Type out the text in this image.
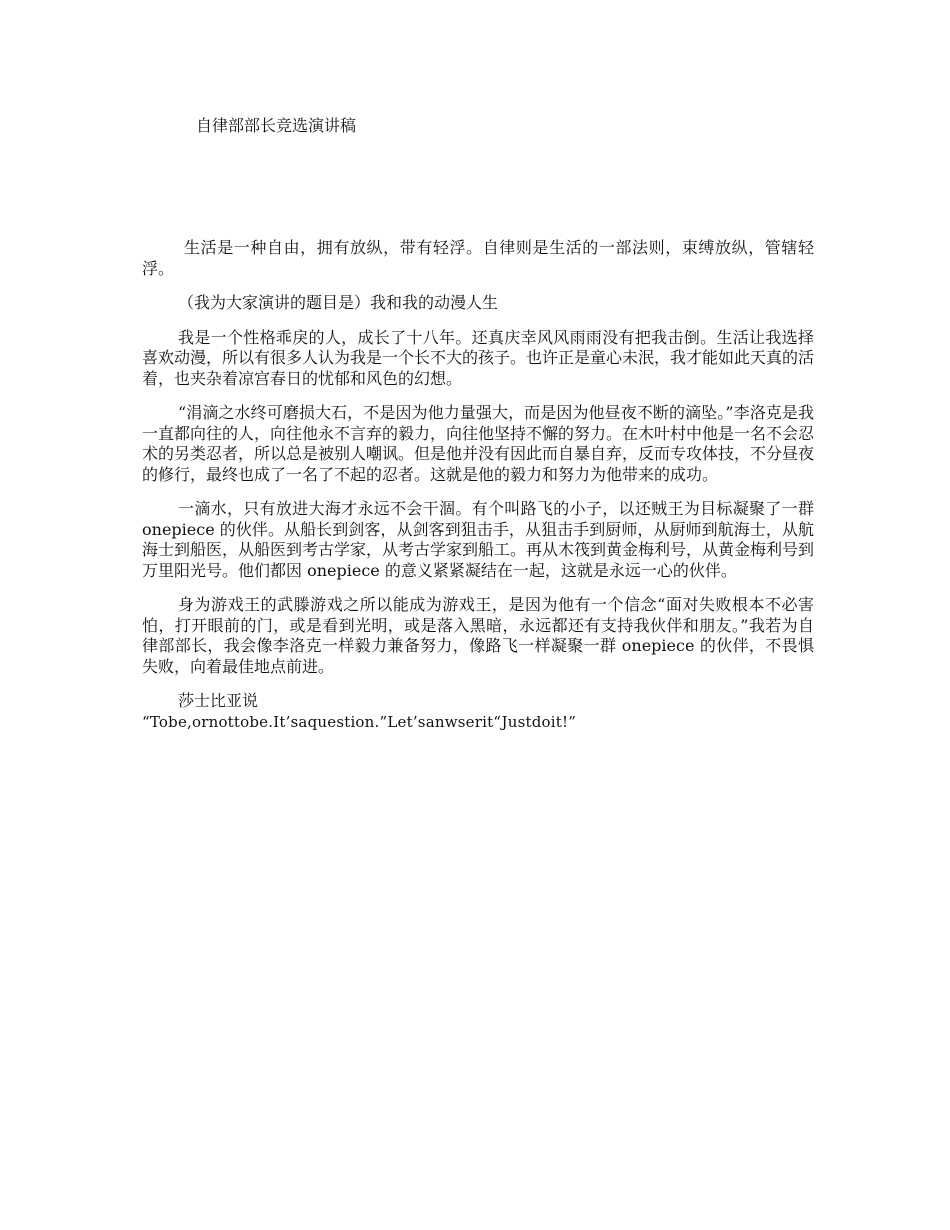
自律部部长竞选演讲稿

生活是一种自由，拥有放纵，带有轻浮。自律则是生活的一部法则，束缚放纵，管辖轻浮。

（我为大家演讲的题目是）我和我的动漫人生

我是一个性格乖戾的人，成长了十八年。还真庆幸风风雨雨没有把我击倒。生活让我选择喜欢动漫，所以有很多人认为我是一个长不大的孩子。也许正是童心未泯，我才能如此天真的活着，也夹杂着凉宫春日的忧郁和风色的幻想。

“涓滴之水终可磨损大石，不是因为他力量强大，而是因为他昼夜不断的滴坠。”李洛克是我一直都向往的人，向往他永不言弃的毅力，向往他坚持不懈的努力。在木叶村中他是一名不会忍术的另类忍者，所以总是被别人嘲讽。但是他并没有因此而自暴自弃，反而专攻体技，不分昼夜的修行，最终也成了一名了不起的忍者。这就是他的毅力和努力为他带来的成功。

一滴水，只有放进大海才永远不会干涸。有个叫路飞的小子，以还贼王为目标凝聚了一群 onepiece 的伙伴。从船长到剑客，从剑客到狙击手，从狙击手到厨师，从厨师到航海士，从航海士到船医，从船医到考古学家，从考古学家到船工。再从木筏到黄金梅利号，从黄金梅利号到万里阳光号。他们都因 onepiece 的意义紧紧凝结在一起，这就是永远一心的伙伴。

身为游戏王的武滕游戏之所以能成为游戏王，是因为他有一个信念“面对失败根本不必害怕，打开眼前的门，或是看到光明，或是落入黑暗，永远都还有支持我伙伴和朋友。”我若为自律部部长，我会像李洛克一样毅力兼备努力，像路飞一样凝聚一群 onepiece 的伙伴，不畏惧失败，向着最佳地点前进。

莎士比亚说

“Tobe,ornottobe.It’saquestion.”Let’sanwserit“Justdoit!”
